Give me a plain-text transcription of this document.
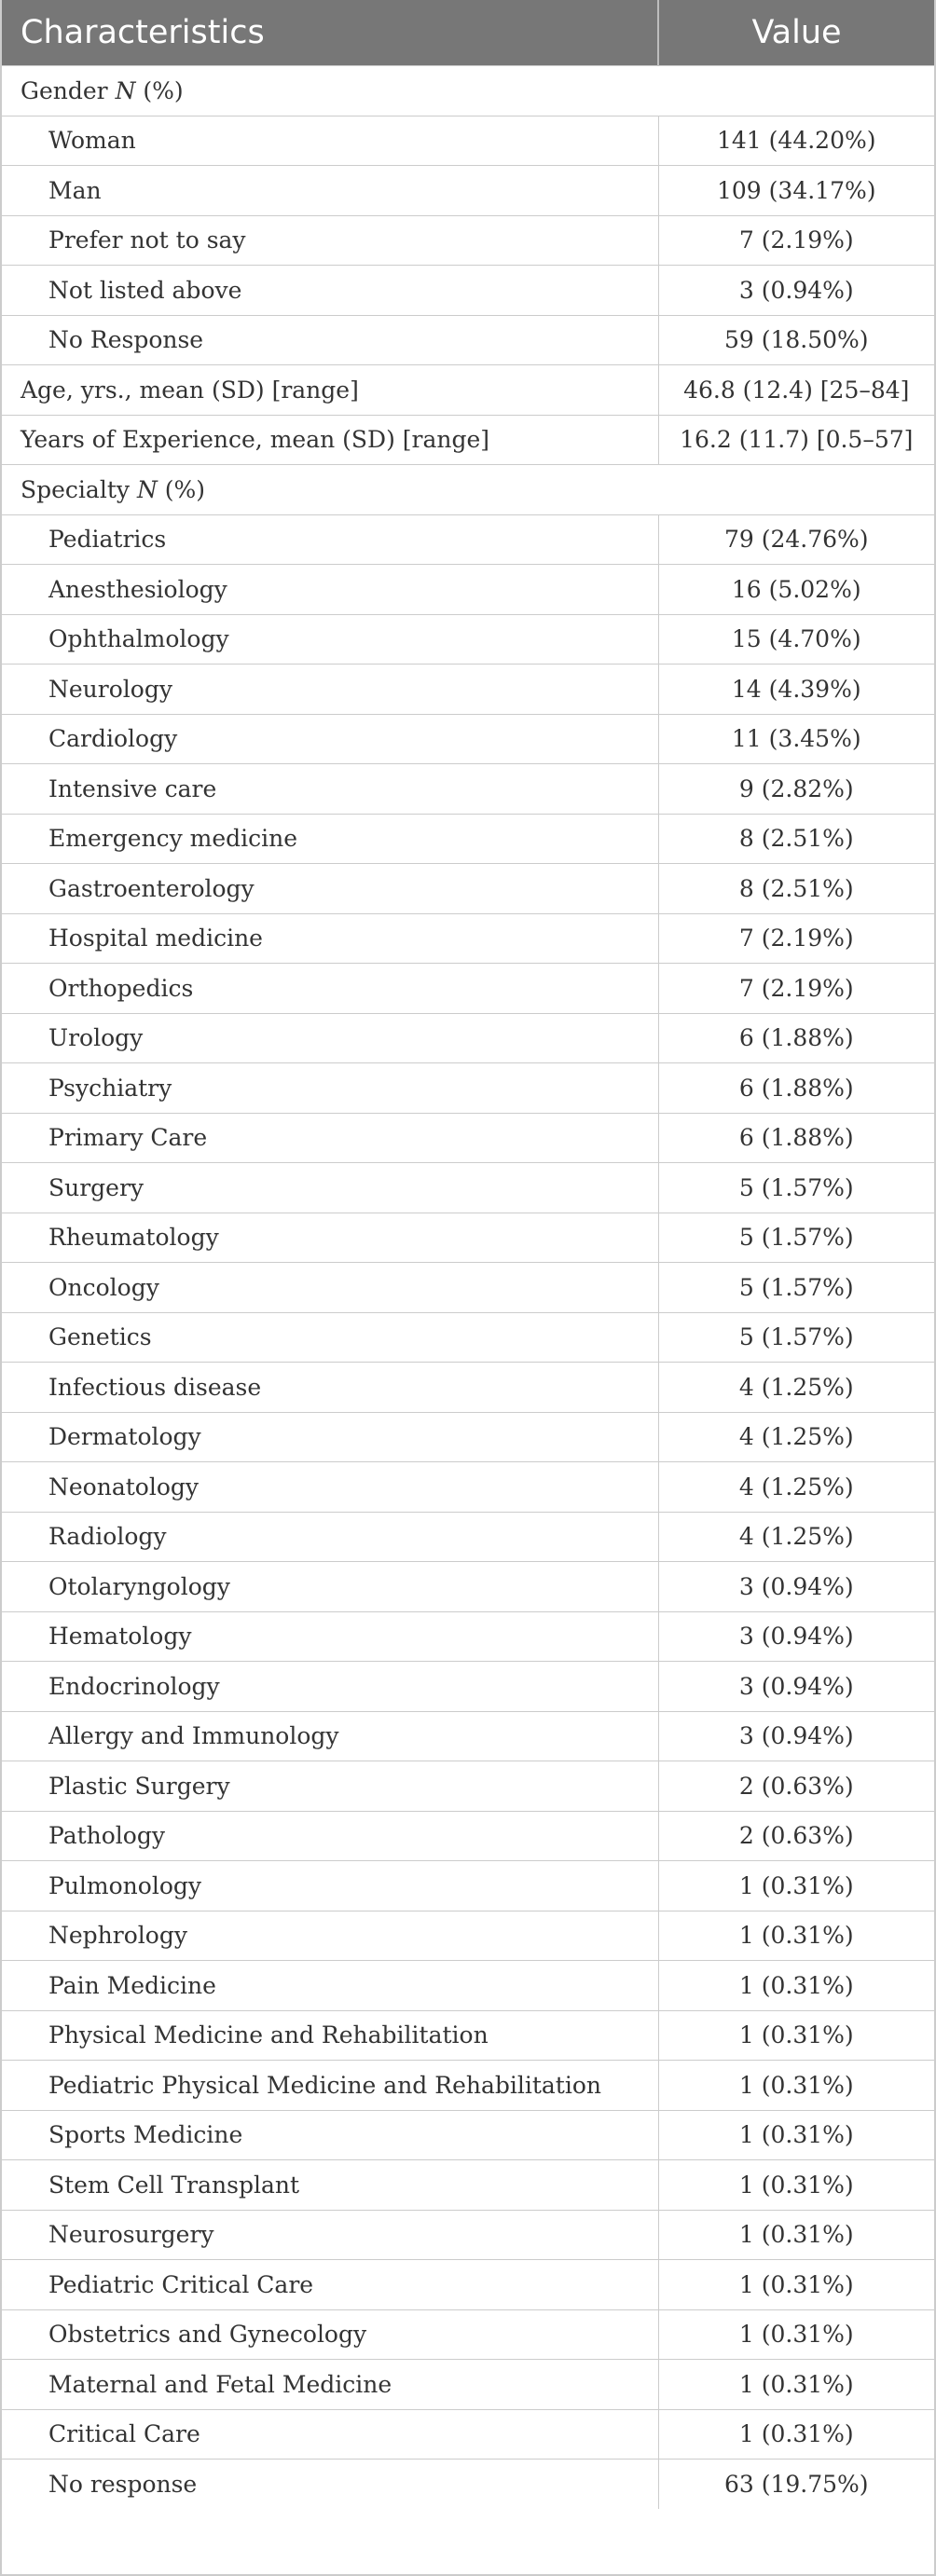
Characteristics	Value
Gender N (%)	
Woman	141 (44.20%)
Man	109 (34.17%)
Prefer not to say	7 (2.19%)
Not listed above	3 (0.94%)
No Response	59 (18.50%)
Age, yrs., mean (SD) [range]	46.8 (12.4) [25–84]
Years of Experience, mean (SD) [range]	16.2 (11.7) [0.5–57]
Specialty N (%)	
Pediatrics	79 (24.76%)
Anesthesiology	16 (5.02%)
Ophthalmology	15 (4.70%)
Neurology	14 (4.39%)
Cardiology	11 (3.45%)
Intensive care	9 (2.82%)
Emergency medicine	8 (2.51%)
Gastroenterology	8 (2.51%)
Hospital medicine	7 (2.19%)
Orthopedics	7 (2.19%)
Urology	6 (1.88%)
Psychiatry	6 (1.88%)
Primary Care	6 (1.88%)
Surgery	5 (1.57%)
Rheumatology	5 (1.57%)
Oncology	5 (1.57%)
Genetics	5 (1.57%)
Infectious disease	4 (1.25%)
Dermatology	4 (1.25%)
Neonatology	4 (1.25%)
Radiology	4 (1.25%)
Otolaryngology	3 (0.94%)
Hematology	3 (0.94%)
Endocrinology	3 (0.94%)
Allergy and Immunology	3 (0.94%)
Plastic Surgery	2 (0.63%)
Pathology	2 (0.63%)
Pulmonology	1 (0.31%)
Nephrology	1 (0.31%)
Pain Medicine	1 (0.31%)
Physical Medicine and Rehabilitation	1 (0.31%)
Pediatric Physical Medicine and Rehabilitation	1 (0.31%)
Sports Medicine	1 (0.31%)
Stem Cell Transplant	1 (0.31%)
Neurosurgery	1 (0.31%)
Pediatric Critical Care	1 (0.31%)
Obstetrics and Gynecology	1 (0.31%)
Maternal and Fetal Medicine	1 (0.31%)
Critical Care	1 (0.31%)
No response	63 (19.75%)
